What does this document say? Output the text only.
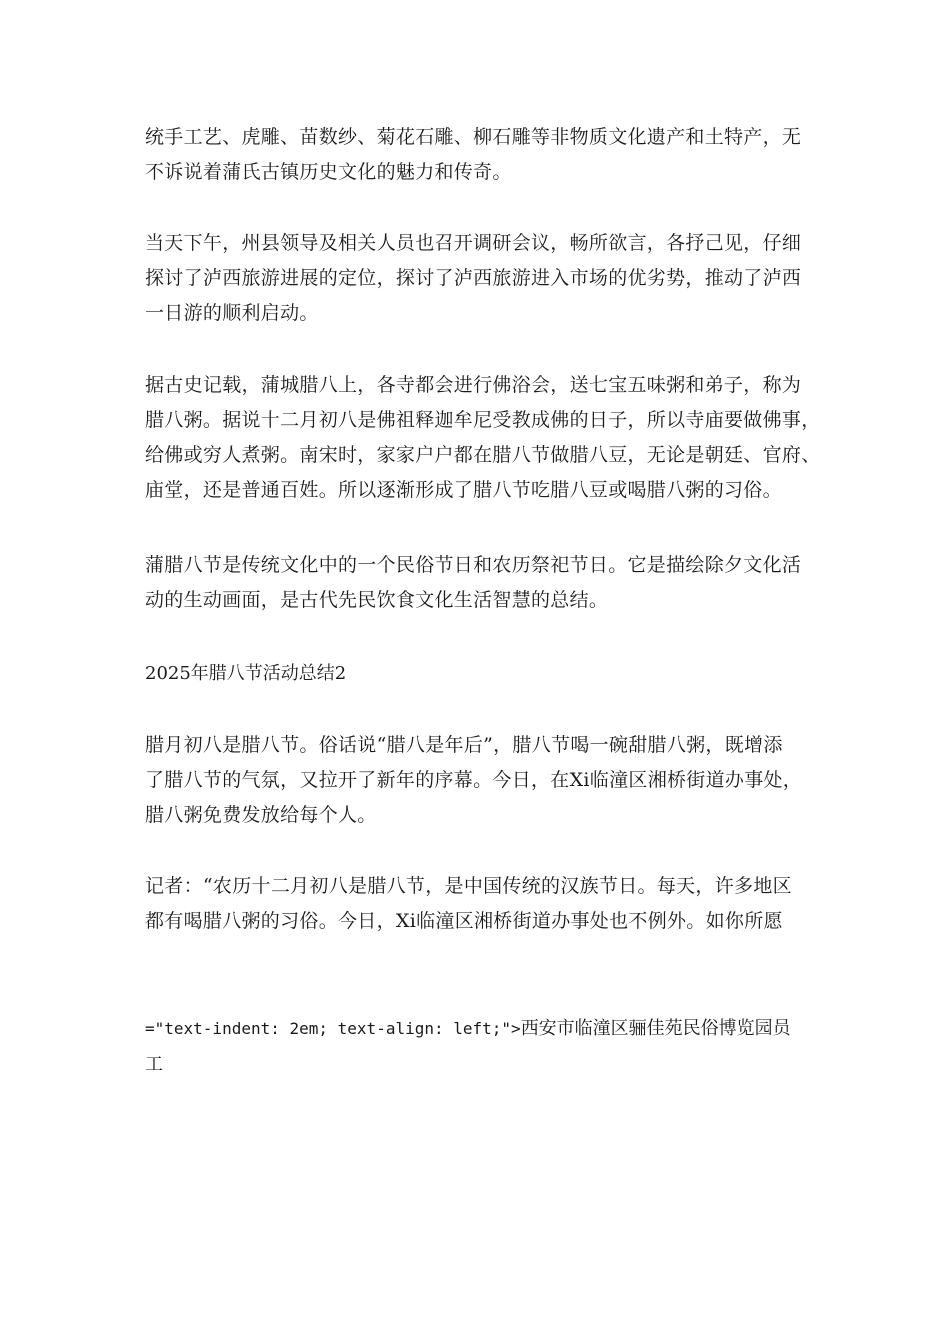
统手工艺、虎雕、苗数纱、菊花石雕、柳石雕等非物质文化遗产和土特产，无
不诉说着蒲氏古镇历史文化的魅力和传奇。
当天下午，州县领导及相关人员也召开调研会议，畅所欲言，各抒己见，仔细
探讨了泸西旅游进展的定位，探讨了泸西旅游进入市场的优劣势，推动了泸西
一日游的顺利启动。
据古史记载，蒲城腊八上，各寺都会进行佛浴会，送七宝五味粥和弟子，称为
腊八粥。据说十二月初八是佛祖释迦牟尼受教成佛的日子，所以寺庙要做佛事，
给佛或穷人煮粥。南宋时，家家户户都在腊八节做腊八豆，无论是朝廷、官府、
庙堂，还是普通百姓。所以逐渐形成了腊八节吃腊八豆或喝腊八粥的习俗。
蒲腊八节是传统文化中的一个民俗节日和农历祭祀节日。它是描绘除夕文化活
动的生动画面，是古代先民饮食文化生活智慧的总结。
2025年腊八节活动总结2
腊月初八是腊八节。俗话说“腊八是年后”，腊八节喝一碗甜腊八粥，既增添
了腊八节的气氛，又拉开了新年的序幕。今日，在Xi临潼区湘桥街道办事处，
腊八粥免费发放给每个人。
记者：“农历十二月初八是腊八节，是中国传统的汉族节日。每天，许多地区
都有喝腊八粥的习俗。今日，Xi临潼区湘桥街道办事处也不例外。如你所愿
="text-indent: 2em; text-align: left;">西安市临潼区骊佳苑民俗博览园员
工
